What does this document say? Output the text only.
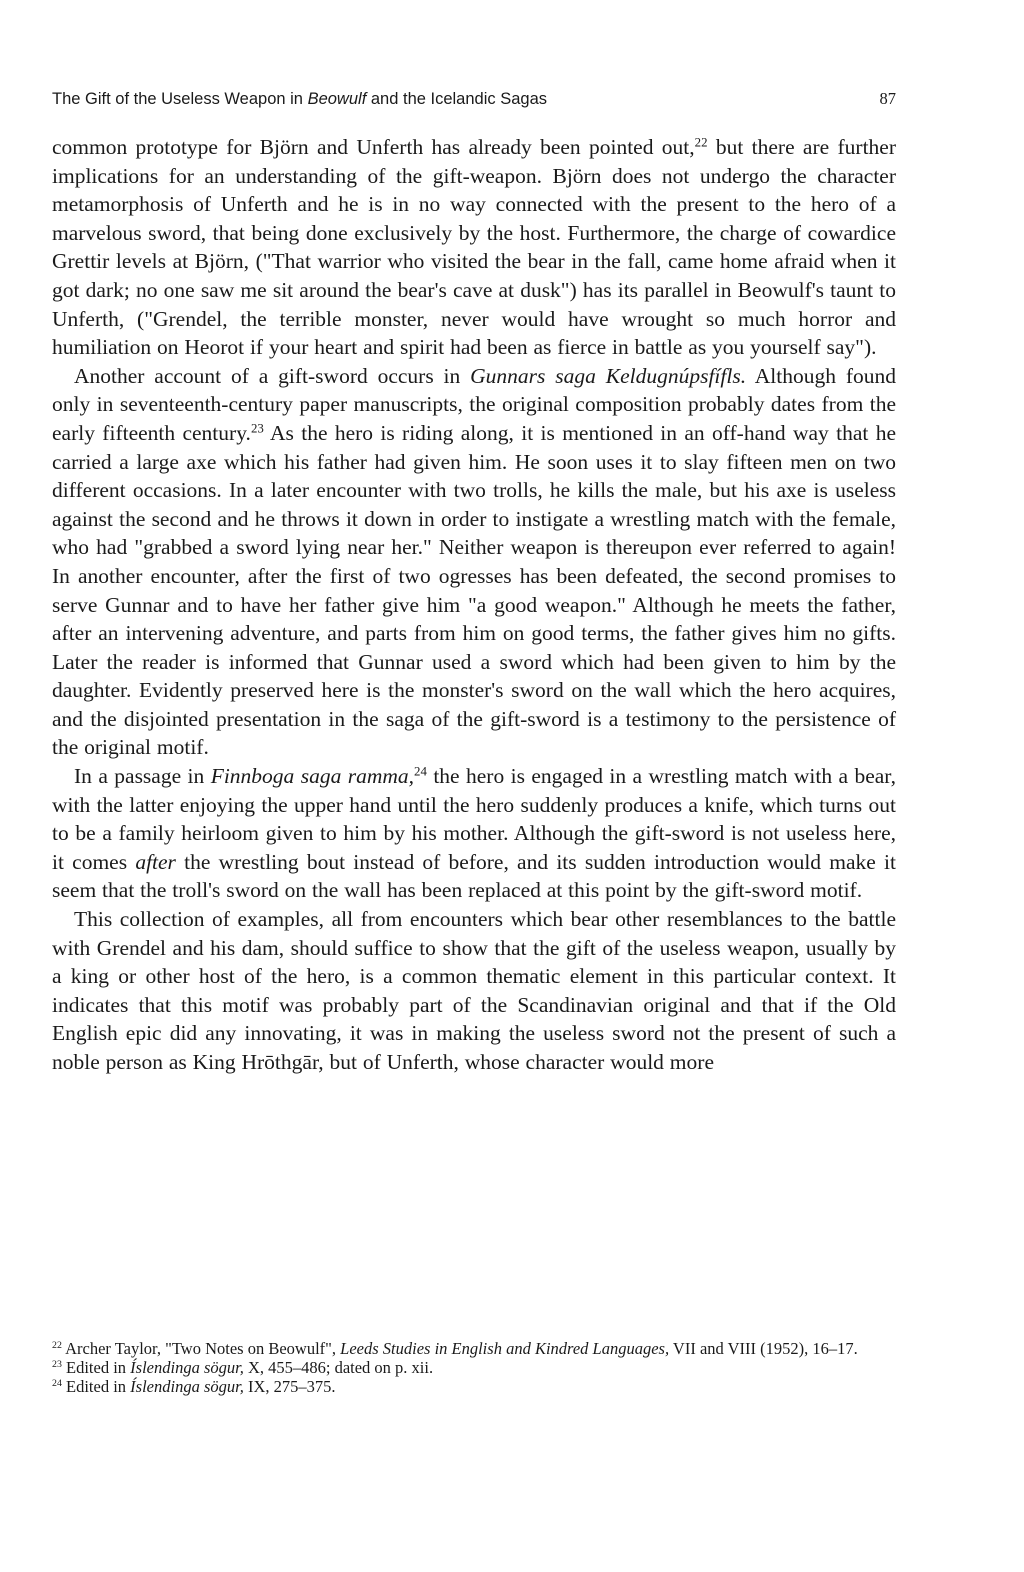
The Gift of the Useless Weapon in Beowulf and the Icelandic Sagas	87

common prototype for Björn and Unferth has already been pointed out,$^{22}$ but there are further implications for an understanding of the gift-weapon. Björn does not undergo the character metamorphosis of Unferth and he is in no way connected with the present to the hero of a marvelous sword, that being done exclusively by the host. Furthermore, the charge of cowardice Grettir levels at Björn, ("That warrior who visited the bear in the fall, came home afraid when it got dark; no one saw me sit around the bear's cave at dusk") has its parallel in Beowulf's taunt to Unferth, ("Grendel, the terrible monster, never would have wrought so much horror and humiliation on Heorot if your heart and spirit had been as fierce in battle as you yourself say").

Another account of a gift-sword occurs in Gunnars saga Keldugnúpsfífls. Although found only in seventeenth-century paper manuscripts, the original composition probably dates from the early fifteenth century.$^{23}$ As the hero is riding along, it is mentioned in an off-hand way that he carried a large axe which his father had given him. He soon uses it to slay fifteen men on two different occasions. In a later encounter with two trolls, he kills the male, but his axe is useless against the second and he throws it down in order to instigate a wrestling match with the female, who had "grabbed a sword lying near her." Neither weapon is thereupon ever referred to again! In another encounter, after the first of two ogresses has been defeated, the second promises to serve Gunnar and to have her father give him "a good weapon." Although he meets the father, after an intervening adventure, and parts from him on good terms, the father gives him no gifts. Later the reader is informed that Gunnar used a sword which had been given to him by the daughter. Evidently preserved here is the monster's sword on the wall which the hero acquires, and the disjointed presentation in the saga of the gift-sword is a testimony to the persistence of the original motif.

In a passage in Finnboga saga ramma,$^{24}$ the hero is engaged in a wrestling match with a bear, with the latter enjoying the upper hand until the hero suddenly produces a knife, which turns out to be a family heirloom given to him by his mother. Although the gift-sword is not useless here, it comes after the wrestling bout instead of before, and its sudden introduction would make it seem that the troll's sword on the wall has been replaced at this point by the gift-sword motif.

This collection of examples, all from encounters which bear other resemblances to the battle with Grendel and his dam, should suffice to show that the gift of the useless weapon, usually by a king or other host of the hero, is a common thematic element in this particular context. It indicates that this motif was probably part of the Scandinavian original and that if the Old English epic did any innovating, it was in making the useless sword not the present of such a noble person as King Hrōthgār, but of Unferth, whose character would more

$^{22}$ Archer Taylor, "Two Notes on Beowulf", Leeds Studies in English and Kindred Languages, VII and VIII (1952), 16–17.

$^{23}$ Edited in Íslendinga sögur, X, 455–486; dated on p. xii.

$^{24}$ Edited in Íslendinga sögur, IX, 275–375.
